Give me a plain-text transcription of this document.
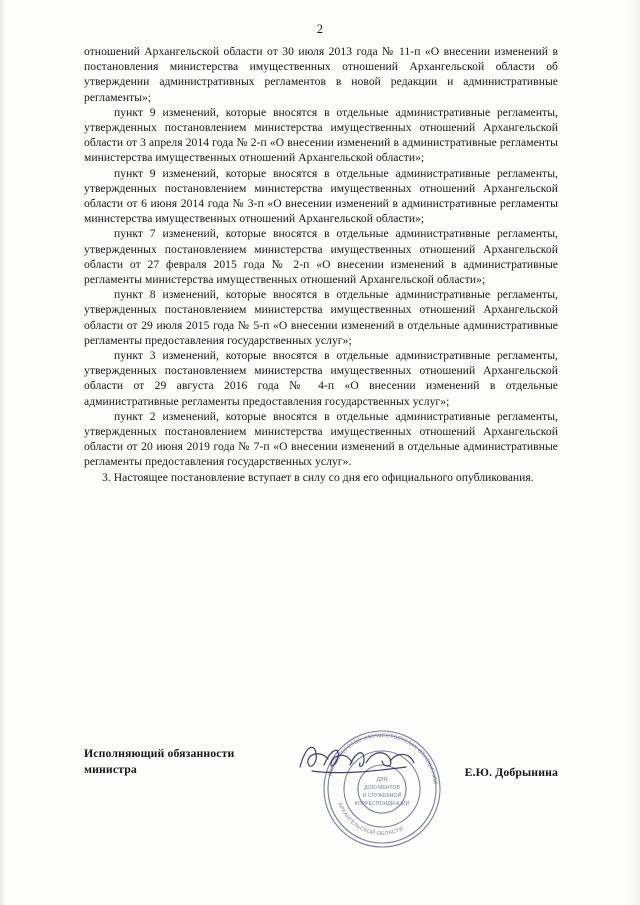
2

отношений Архангельской области от 30 июля 2013 года № 11-п «О внесении изменений в постановления министерства имущественных отношений Архангельской области об утверждении административных регламентов в новой редакции и административные регламенты»;

пункт 9 изменений, которые вносятся в отдельные административные регламенты, утвержденных постановлением министерства имущественных отношений Архангельской области от 3 апреля 2014 года № 2-п «О внесении изменений в административные регламенты министерства имущественных отношений Архангельской области»;

пункт 9 изменений, которые вносятся в отдельные административные регламенты, утвержденных постановлением министерства имущественных отношений Архангельской области от 6 июня 2014 года № 3-п «О внесении изменений в административные регламенты министерства имущественных отношений Архангельской области»;

пункт 7 изменений, которые вносятся в отдельные административные регламенты, утвержденных постановлением министерства имущественных отношений Архангельской области от 27 февраля 2015 года № 2-п «О внесении изменений в административные регламенты министерства имущественных отношений Архангельской области»;

пункт 8 изменений, которые вносятся в отдельные административные регламенты, утвержденных постановлением министерства имущественных отношений Архангельской области от 29 июля 2015 года № 5-п «О внесении изменений в отдельные административные регламенты предоставления государственных услуг»;

пункт 3 изменений, которые вносятся в отдельные административные регламенты, утвержденных постановлением министерства имущественных отношений Архангельской области от 29 августа 2016 года № 4-п «О внесении изменений в отдельные административные регламенты предоставления государственных услуг»;

пункт 2 изменений, которые вносятся в отдельные административные регламенты, утвержденных постановлением министерства имущественных отношений Архангельской области от 20 июня 2019 года № 7-п «О внесении изменений в отдельные административные регламенты предоставления государственных услуг».

3. Настоящее постановление вступает в силу со дня его официального опубликования.

Исполняющий обязанности
министра	МИНИСТЕРСТВО ИМУЩЕСТВЕННЫХ ОТНОШЕНИЙ
АРХАНГЕЛЬСКОЙ ОБЛАСТИ
ДЛЯ
ДОКУМЕНТОВ
И СЛУЖЕБНОЙ
КОРРЕСПОНДЕНЦИИ
Е.Ю. Добрынина
